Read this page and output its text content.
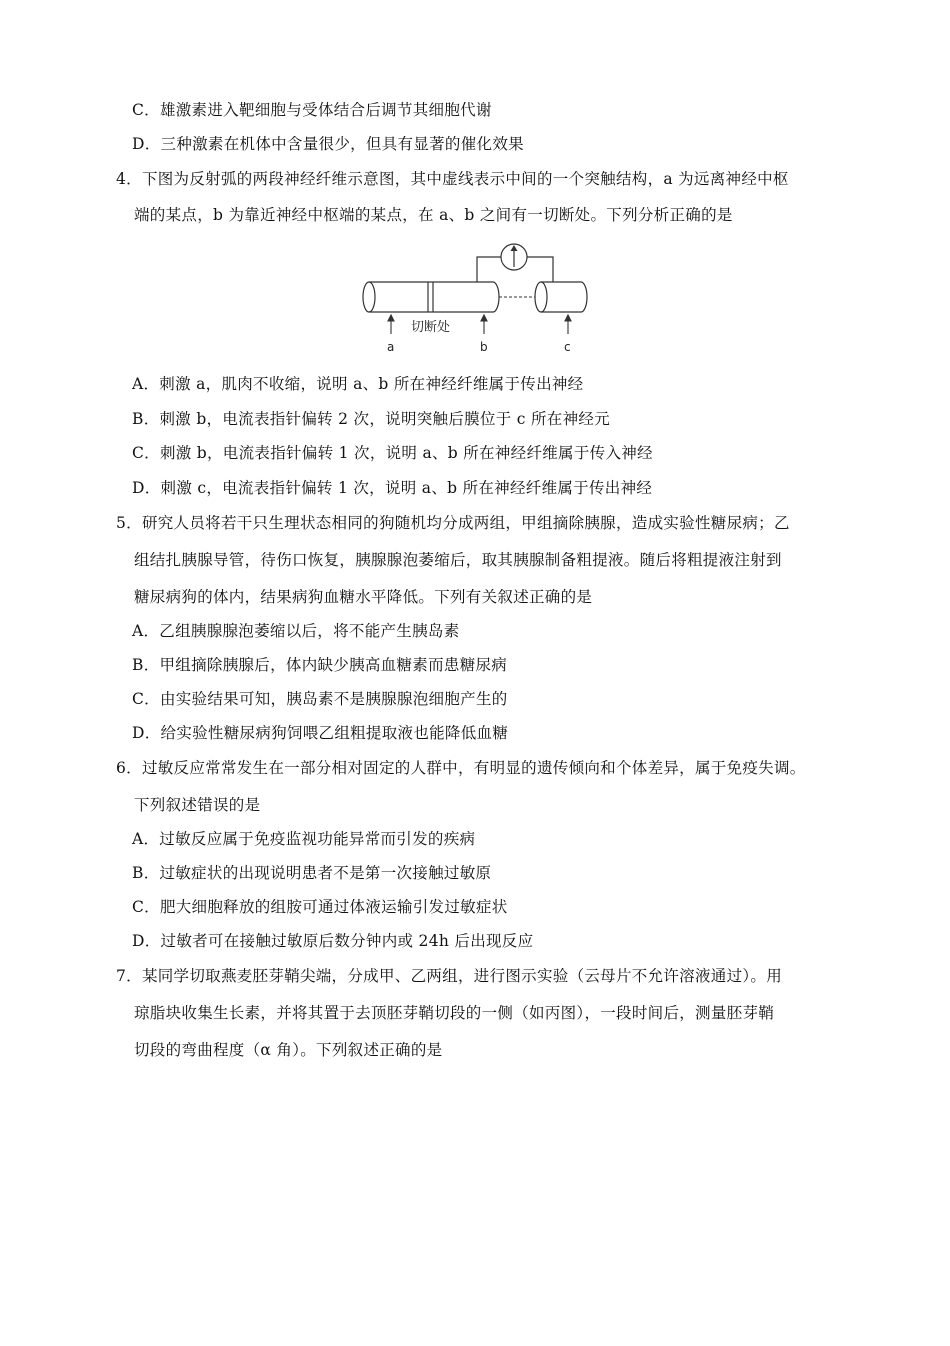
C．雄激素进入靶细胞与受体结合后调节其细胞代谢
D．三种激素在机体中含量很少，但具有显著的催化效果
4．下图为反射弧的两段神经纤维示意图，其中虚线表示中间的一个突触结构，a 为远离神经中枢
端的某点，b 为靠近神经中枢端的某点，在 a、b 之间有一切断处。下列分析正确的是
切断处
a	b	c
A．刺激 a，肌肉不收缩，说明 a、b 所在神经纤维属于传出神经
B．刺激 b，电流表指针偏转 2 次，说明突触后膜位于 c 所在神经元
C．刺激 b，电流表指针偏转 1 次，说明 a、b 所在神经纤维属于传入神经
D．刺激 c，电流表指针偏转 1 次，说明 a、b 所在神经纤维属于传出神经
5．研究人员将若干只生理状态相同的狗随机均分成两组，甲组摘除胰腺，造成实验性糖尿病；乙
组结扎胰腺导管，待伤口恢复，胰腺腺泡萎缩后，取其胰腺制备粗提液。随后将粗提液注射到
糖尿病狗的体内，结果病狗血糖水平降低。下列有关叙述正确的是
A．乙组胰腺腺泡萎缩以后，将不能产生胰岛素
B．甲组摘除胰腺后，体内缺少胰高血糖素而患糖尿病
C．由实验结果可知，胰岛素不是胰腺腺泡细胞产生的
D．给实验性糖尿病狗饲喂乙组粗提取液也能降低血糖
6．过敏反应常常发生在一部分相对固定的人群中，有明显的遗传倾向和个体差异，属于免疫失调。
下列叙述错误的是
A．过敏反应属于免疫监视功能异常而引发的疾病
B．过敏症状的出现说明患者不是第一次接触过敏原
C．肥大细胞释放的组胺可通过体液运输引发过敏症状
D．过敏者可在接触过敏原后数分钟内或 24h 后出现反应
7．某同学切取燕麦胚芽鞘尖端，分成甲、乙两组，进行图示实验（云母片不允许溶液通过）。用
琼脂块收集生长素，并将其置于去顶胚芽鞘切段的一侧（如丙图），一段时间后，测量胚芽鞘
切段的弯曲程度（α 角）。下列叙述正确的是
